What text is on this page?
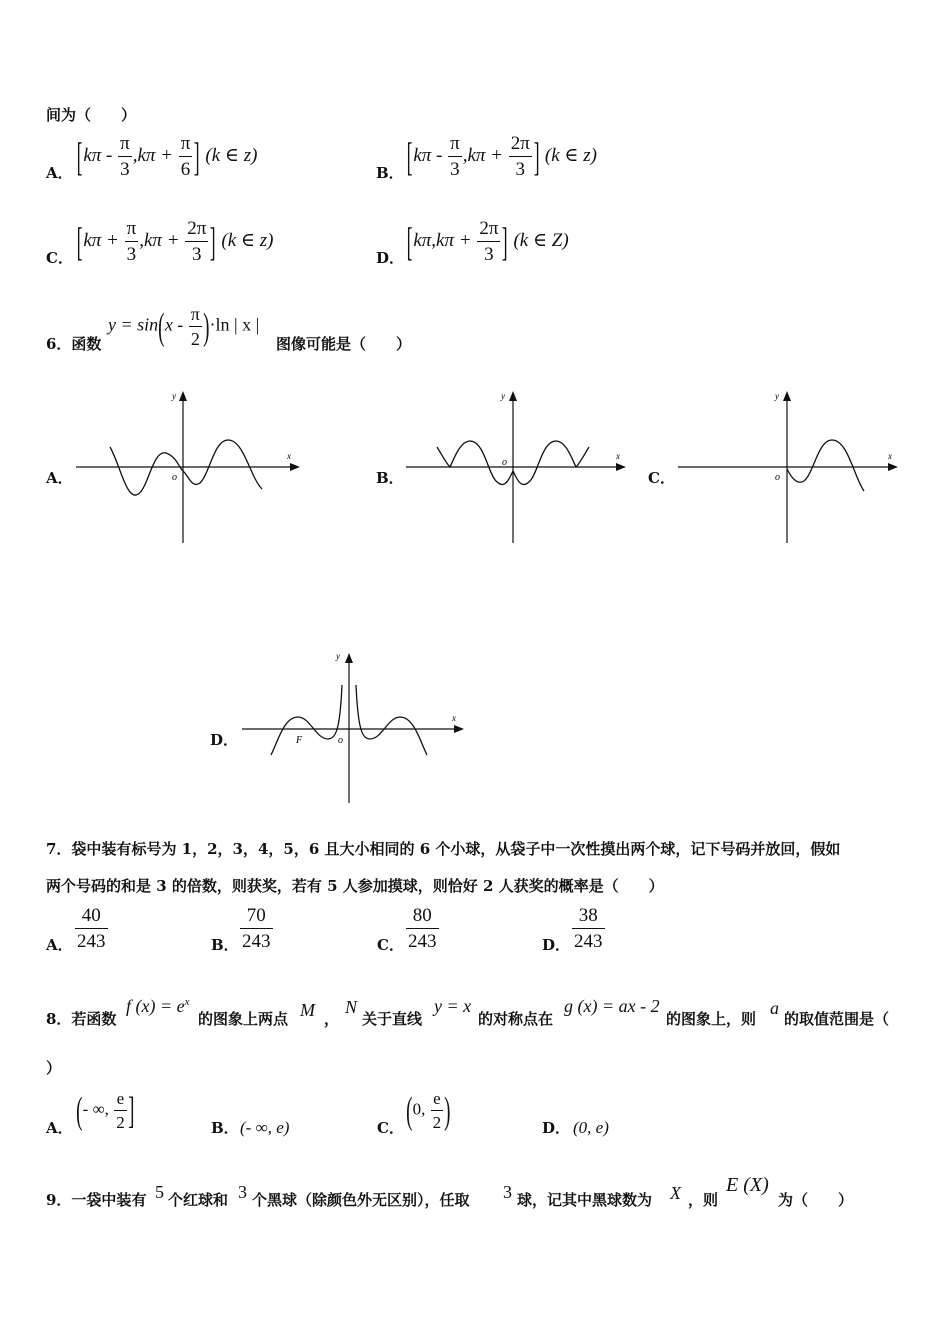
间为（　　）
A． [$k\pi - \frac{\pi}{3} ,k\pi + \frac{\pi}{6}$ ] (k ∈ z)
B． [$k\pi - \frac{\pi}{3} ,k\pi + \frac{2\pi}{3}$ ] (k ∈ z)
C． [$k\pi + \frac{\pi}{3} ,k\pi + \frac{2\pi}{3}$ ] (k ∈ z)
D． [$k\pi,k\pi + \frac{2\pi}{3}$ ] (k ∈ Z)
6．函数
$y = \sin(x - \frac{\pi}{2} )\cdot\ln$ | x |
图像可能是（　　）
A．
y
x
o	B．
y
x
o
C．
y
x
o
D．
y
x
o
F
7．袋中装有标号为 1，2，3，4，5，6 且大小相同的 6 个小球，从袋子中一次性摸出两个球，记下号码并放回，假如
两个号码的和是 3 的倍数，则获奖，若有 5 人参加摸球，则恰好 2 人获奖的概率是（　　）
A． $\frac{40}{243}$	B． $\frac{70}{243}$	C． $\frac{80}{243}$	D． $\frac{38}{243}$
8．若函数
f $(x) = e^x$
的图象上两点 M ，
N
关于直线
y = x
的对称点在
g (x) = ax - 2
的图象上，则
a
的取值范围是（
）
A． (- ∞, $\frac{e}{2}$ ]	B． (- ∞, e)	C． (0, $\frac{e}{2}$ )	D． (0, e)
9．一袋中装有 5 个红球和 3 个黑球（除颜色外无区别），任取 3 球，记其中黑球数为 X ，则
E (X)
为（　　）
